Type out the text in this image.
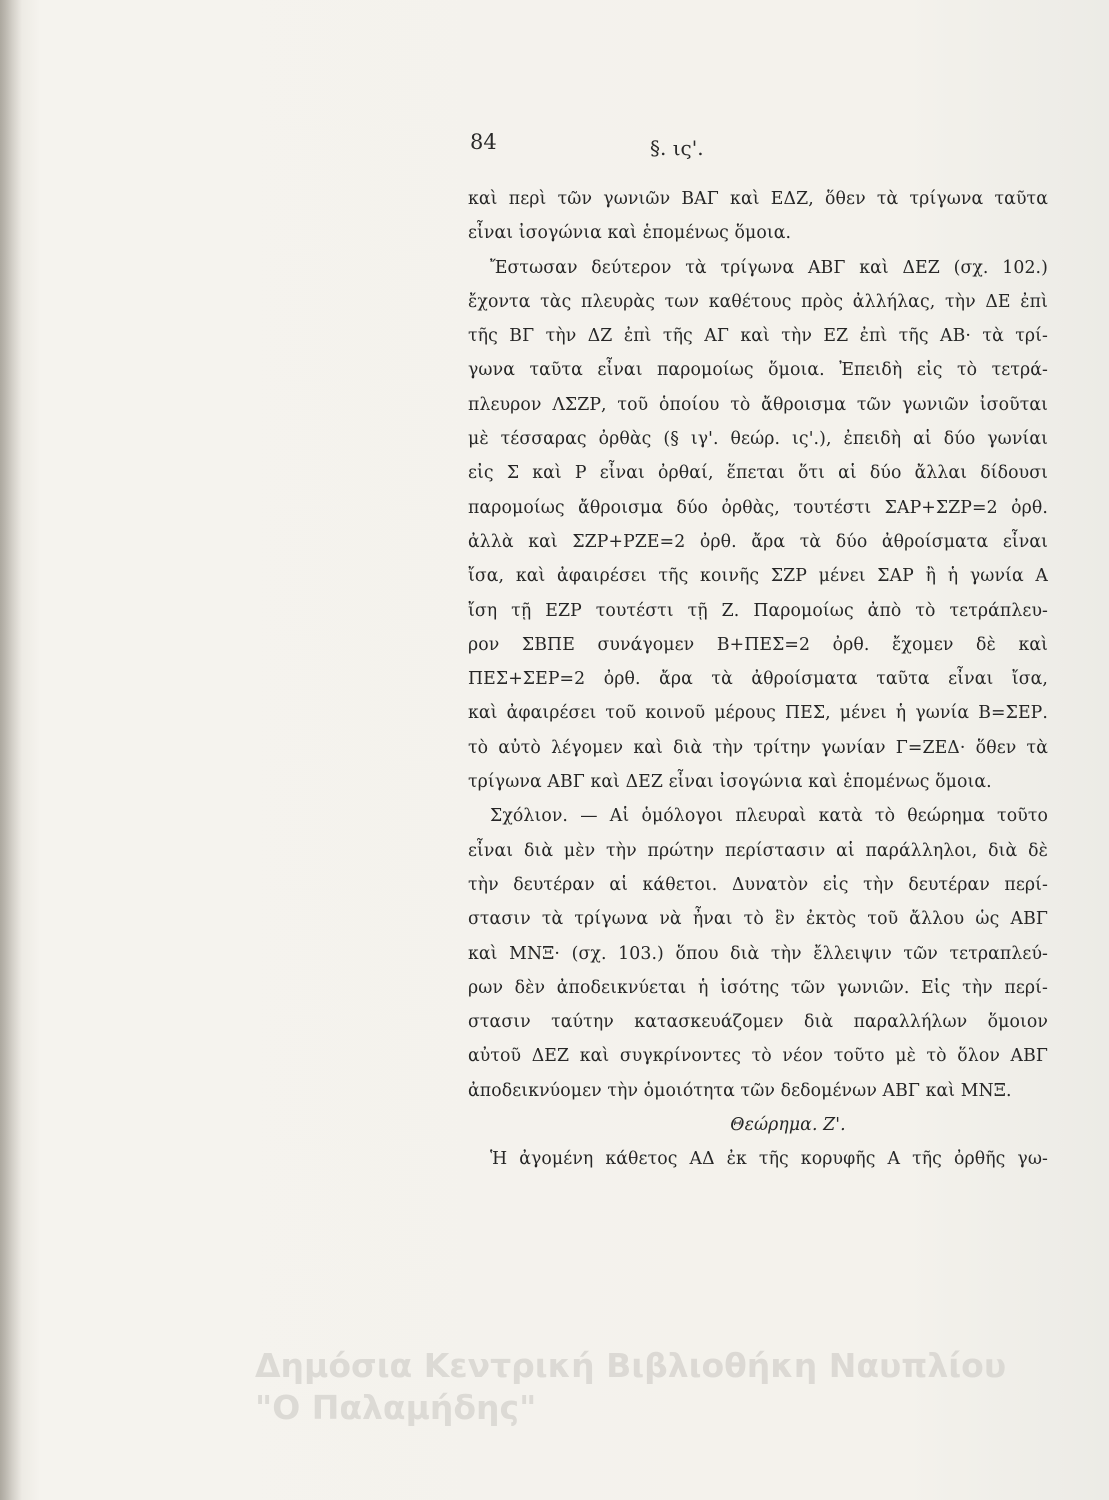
84	§. ις'.
καὶ περὶ τῶν γωνιῶν ΒΑΓ καὶ ΕΔΖ, ὅθεν τὰ τρίγωνα ταῦτα
εἶναι ἰσογώνια καὶ ἑπομένως ὅμοια.
Ἔστωσαν δεύτερον τὰ τρίγωνα ΑΒΓ καὶ ΔΕΖ (σχ. 102.)
ἔχοντα τὰς πλευρὰς των καθέτους πρὸς ἀλλήλας, τὴν ΔΕ ἐπὶ
τῆς ΒΓ τὴν ΔΖ ἐπὶ τῆς ΑΓ καὶ τὴν ΕΖ ἐπὶ τῆς ΑΒ· τὰ τρί-
γωνα ταῦτα εἶναι παρομοίως ὅμοια. Ἐπειδὴ εἰς τὸ τετρά-
πλευρον ΛΣΖΡ, τοῦ ὁποίου τὸ ἄθροισμα τῶν γωνιῶν ἰσοῦται
μὲ τέσσαρας ὀρθὰς (§ ιγ'. θεώρ. ις'.), ἐπειδὴ αἱ δύο γωνίαι
εἰς Σ καὶ Ρ εἶναι ὀρθαί, ἕπεται ὅτι αἱ δύο ἄλλαι δίδουσι
παρομοίως ἄθροισμα δύο ὀρθὰς, τουτέστι ΣΑΡ+ΣΖΡ=2 ὀρθ.
ἀλλὰ καὶ ΣΖΡ+ΡΖΕ=2 ὀρθ. ἄρα τὰ δύο ἀθροίσματα εἶναι
ἴσα, καὶ ἀφαιρέσει τῆς κοινῆς ΣΖΡ μένει ΣΑΡ ἢ ἡ γωνία Α
ἴση τῇ ΕΖΡ τουτέστι τῇ Ζ. Παρομοίως ἀπὸ τὸ τετράπλευ-
ρον ΣΒΠΕ συνάγομεν Β+ΠΕΣ=2 ὀρθ. ἔχομεν δὲ καὶ
ΠΕΣ+ΣΕΡ=2 ὀρθ. ἄρα τὰ ἀθροίσματα ταῦτα εἶναι ἴσα,
καὶ ἀφαιρέσει τοῦ κοινοῦ μέρους ΠΕΣ, μένει ἡ γωνία Β=ΣΕΡ.
τὸ αὐτὸ λέγομεν καὶ διὰ τὴν τρίτην γωνίαν Γ=ΖΕΔ· ὅθεν τὰ
τρίγωνα ΑΒΓ καὶ ΔΕΖ εἶναι ἰσογώνια καὶ ἑπομένως ὅμοια.
Σχόλιον. — Αἱ ὁμόλογοι πλευραὶ κατὰ τὸ θεώρημα τοῦτο
εἶναι διὰ μὲν τὴν πρώτην περίστασιν αἱ παράλληλοι, διὰ δὲ
τὴν δευτέραν αἱ κάθετοι. Δυνατὸν εἰς τὴν δευτέραν περί-
στασιν τὰ τρίγωνα νὰ ἦναι τὸ ἓν ἐκτὸς τοῦ ἄλλου ὡς ΑΒΓ
καὶ ΜΝΞ· (σχ. 103.) ὅπου διὰ τὴν ἔλλειψιν τῶν τετραπλεύ-
ρων δὲν ἀποδεικνύεται ἡ ἰσότης τῶν γωνιῶν. Εἰς τὴν περί-
στασιν ταύτην κατασκευάζομεν διὰ παραλλήλων ὅμοιον
αὐτοῦ ΔΕΖ καὶ συγκρίνοντες τὸ νέον τοῦτο μὲ τὸ ὅλον ΑΒΓ
ἀποδεικνύομεν τὴν ὁμοιότητα τῶν δεδομένων ΑΒΓ καὶ ΜΝΞ.
Θεώρημα. Ζ'.
Ἡ ἀγομένη κάθετος ΑΔ ἐκ τῆς κορυφῆς Α τῆς ὀρθῆς γω-
Δημόσια Κεντρική Βιβλιοθήκη Ναυπλίου
"Ο Παλαμήδης"
